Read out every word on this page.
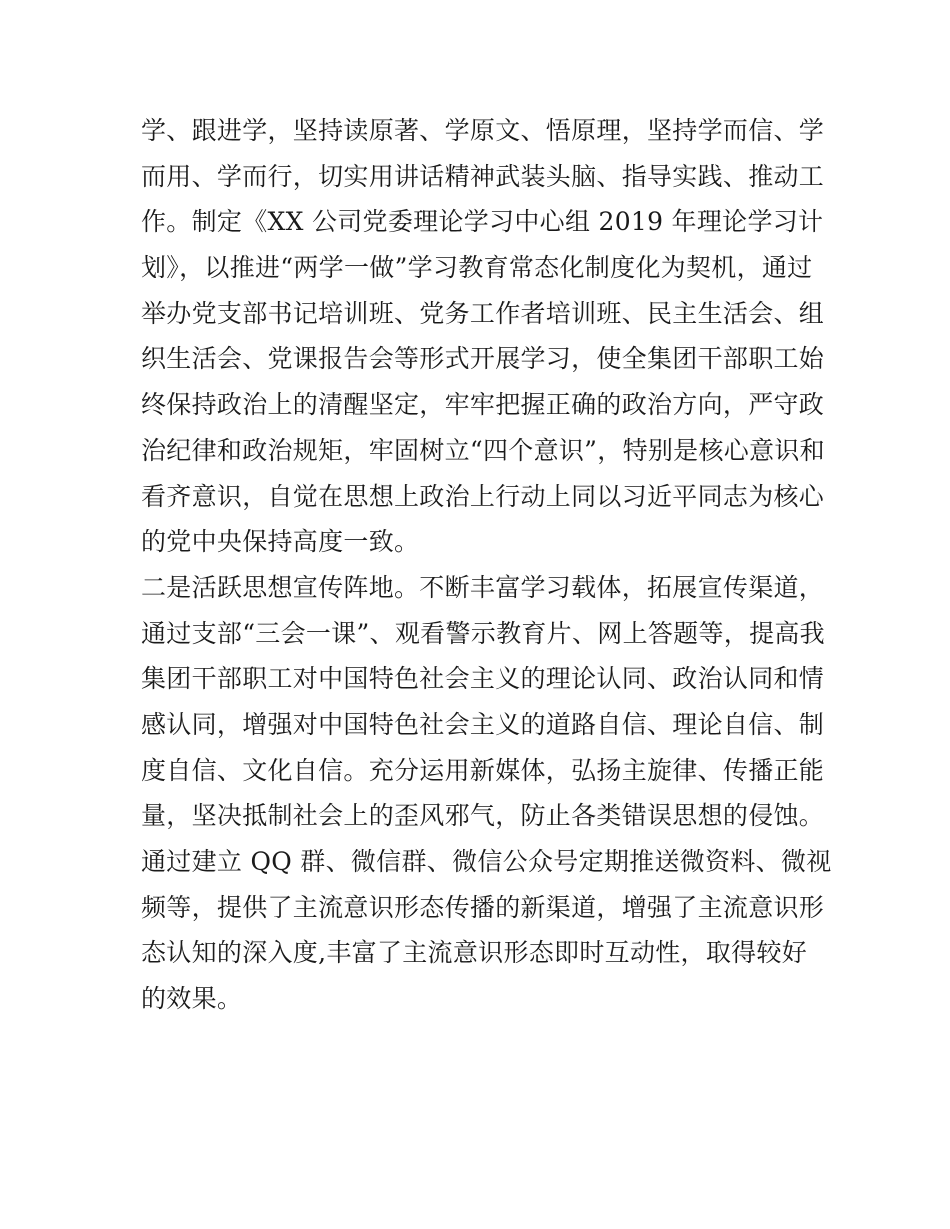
学、跟进学，坚持读原著、学原文、悟原理，坚持学而信、学
而用、学而行，切实用讲话精神武装头脑、指导实践、推动工
作。制定《XX 公司党委理论学习中心组 2019 年理论学习计
划》，以推进“两学一做”学习教育常态化制度化为契机，通过
举办党支部书记培训班、党务工作者培训班、民主生活会、组
织生活会、党课报告会等形式开展学习，使全集团干部职工始
终保持政治上的清醒坚定，牢牢把握正确的政治方向，严守政
治纪律和政治规矩，牢固树立“四个意识”，特别是核心意识和
看齐意识，自觉在思想上政治上行动上同以习近平同志为核心
的党中央保持高度一致。
二是活跃思想宣传阵地。不断丰富学习载体，拓展宣传渠道，
通过支部“三会一课”、观看警示教育片、网上答题等，提高我
集团干部职工对中国特色社会主义的理论认同、政治认同和情
感认同，增强对中国特色社会主义的道路自信、理论自信、制
度自信、文化自信。充分运用新媒体，弘扬主旋律、传播正能
量，坚决抵制社会上的歪风邪气，防止各类错误思想的侵蚀。
通过建立 QQ 群、微信群、微信公众号定期推送微资料、微视
频等，提供了主流意识形态传播的新渠道，增强了主流意识形
态认知的深入度,丰富了主流意识形态即时互动性，取得较好
的效果。
